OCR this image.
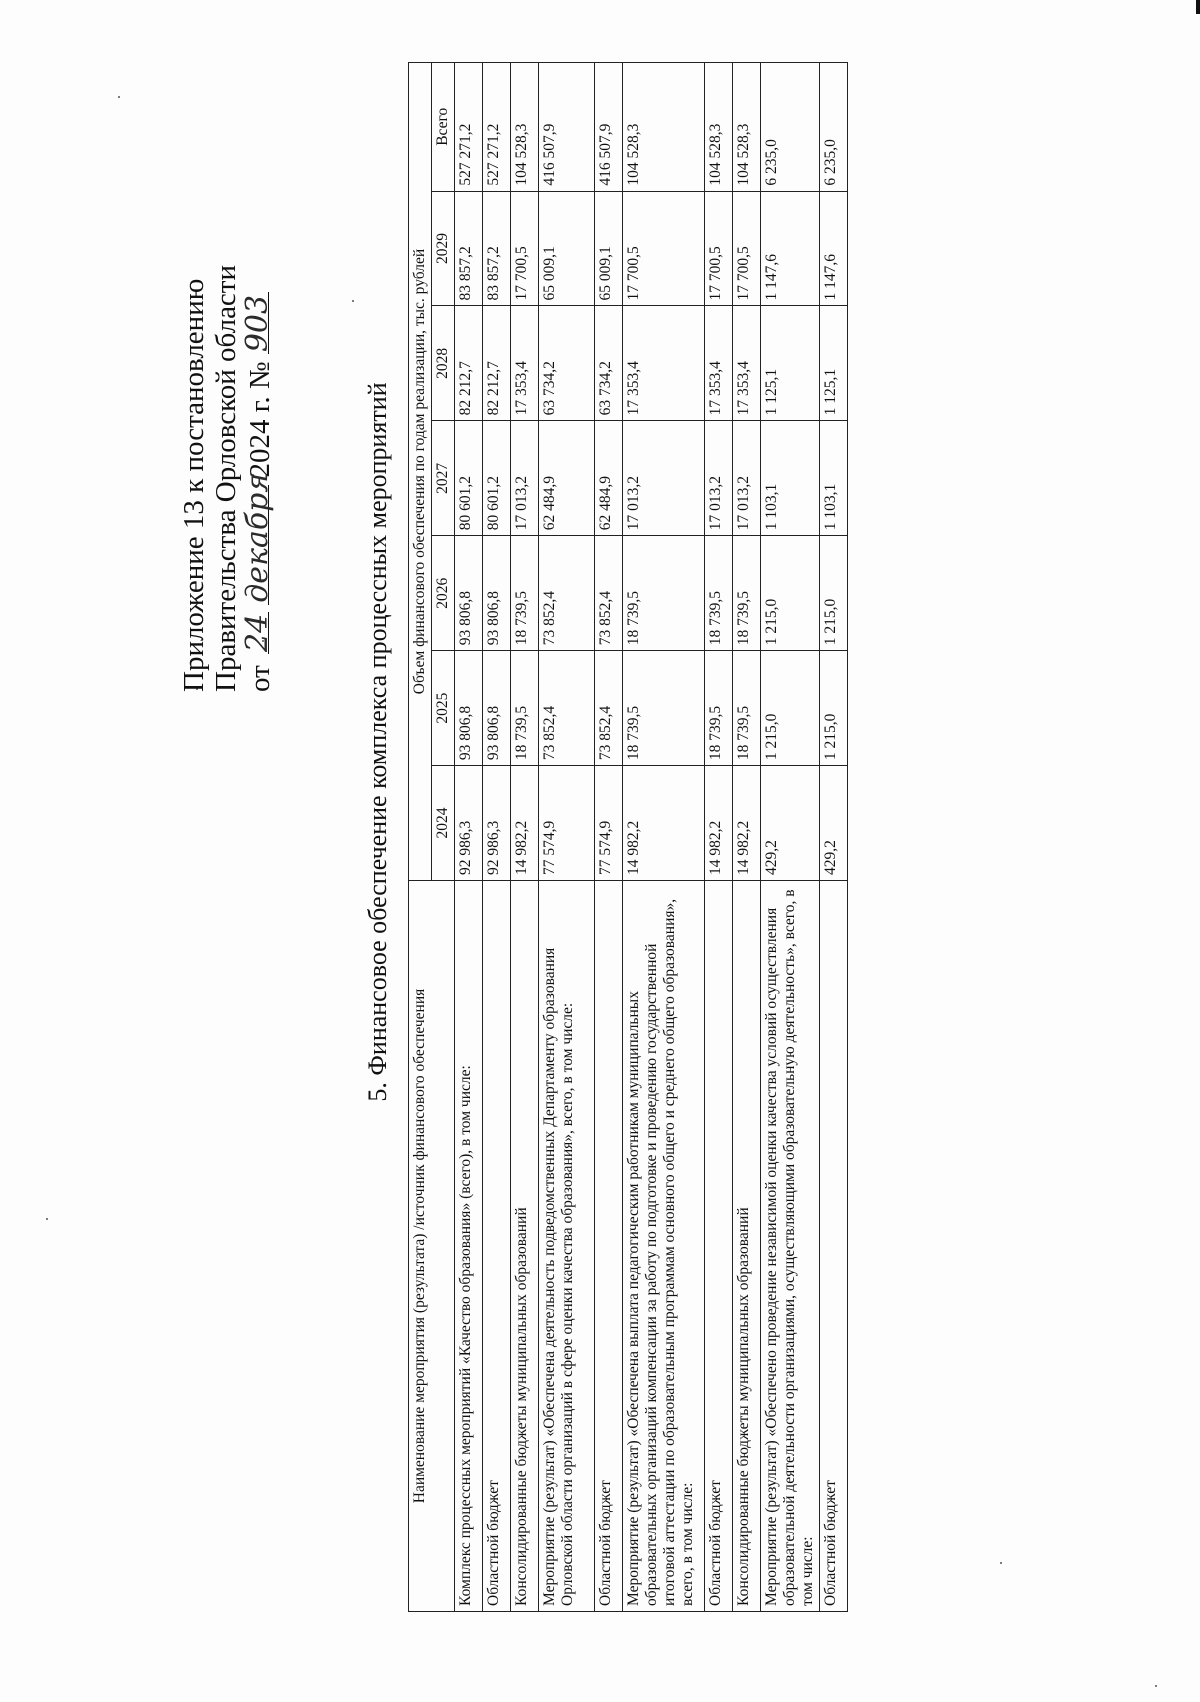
Приложение 13 к постановлению Правительства Орловской области от
24

декабря
2024 г. №
903
5. Финансовое обеспечение комплекса процессных мероприятий
Наименование мероприятия (результата) /источник финансового обеспечения	Объем финансового обеспечения по годам реализации, тыс. рублей						
	2024	2025	2026	2027	2028	2029	Всего
Комплекс процессных мероприятий «Качество образования» (всего), в том числе:	92 986,3	93 806,8	93 806,8	80 601,2	82 212,7	83 857,2	527 271,2
Областной бюджет	92 986,3	93 806,8	93 806,8	80 601,2	82 212,7	83 857,2	527 271,2
Консолидированные бюджеты муниципальных образований	14 982,2	18 739,5	18 739,5	17 013,2	17 353,4	17 700,5	104 528,3
Мероприятие (результат) «Обеспечена деятельность подведомственных Департаменту образования Орловской области организаций в сфере оценки качества образования», всего, в том числе:	77 574,9	73 852,4	73 852,4	62 484,9	63 734,2	65 009,1	416 507,9
Областной бюджет	77 574,9	73 852,4	73 852,4	62 484,9	63 734,2	65 009,1	416 507,9
Мероприятие (результат) «Обеспечена выплата педагогическим работникам муниципальных образовательных организаций компенсации за работу по подготовке и проведению государственной итоговой аттестации по образовательным программам основного общего и среднего общего образования», всего, в том числе:	14 982,2	18 739,5	18 739,5	17 013,2	17 353,4	17 700,5	104 528,3
Областной бюджет	14 982,2	18 739,5	18 739,5	17 013,2	17 353,4	17 700,5	104 528,3
Консолидированные бюджеты муниципальных образований	14 982,2	18 739,5	18 739,5	17 013,2	17 353,4	17 700,5	104 528,3
Мероприятие (результат) «Обеспечено проведение независимой оценки качества условий осуществления образовательной деятельности организациями, осуществляющими образовательную деятельность», всего, в том числе:	429,2	1 215,0	1 215,0	1 103,1	1 125,1	1 147,6	6 235,0
Областной бюджет	429,2	1 215,0	1 215,0	1 103,1	1 125,1	1 147,6	6 235,0
